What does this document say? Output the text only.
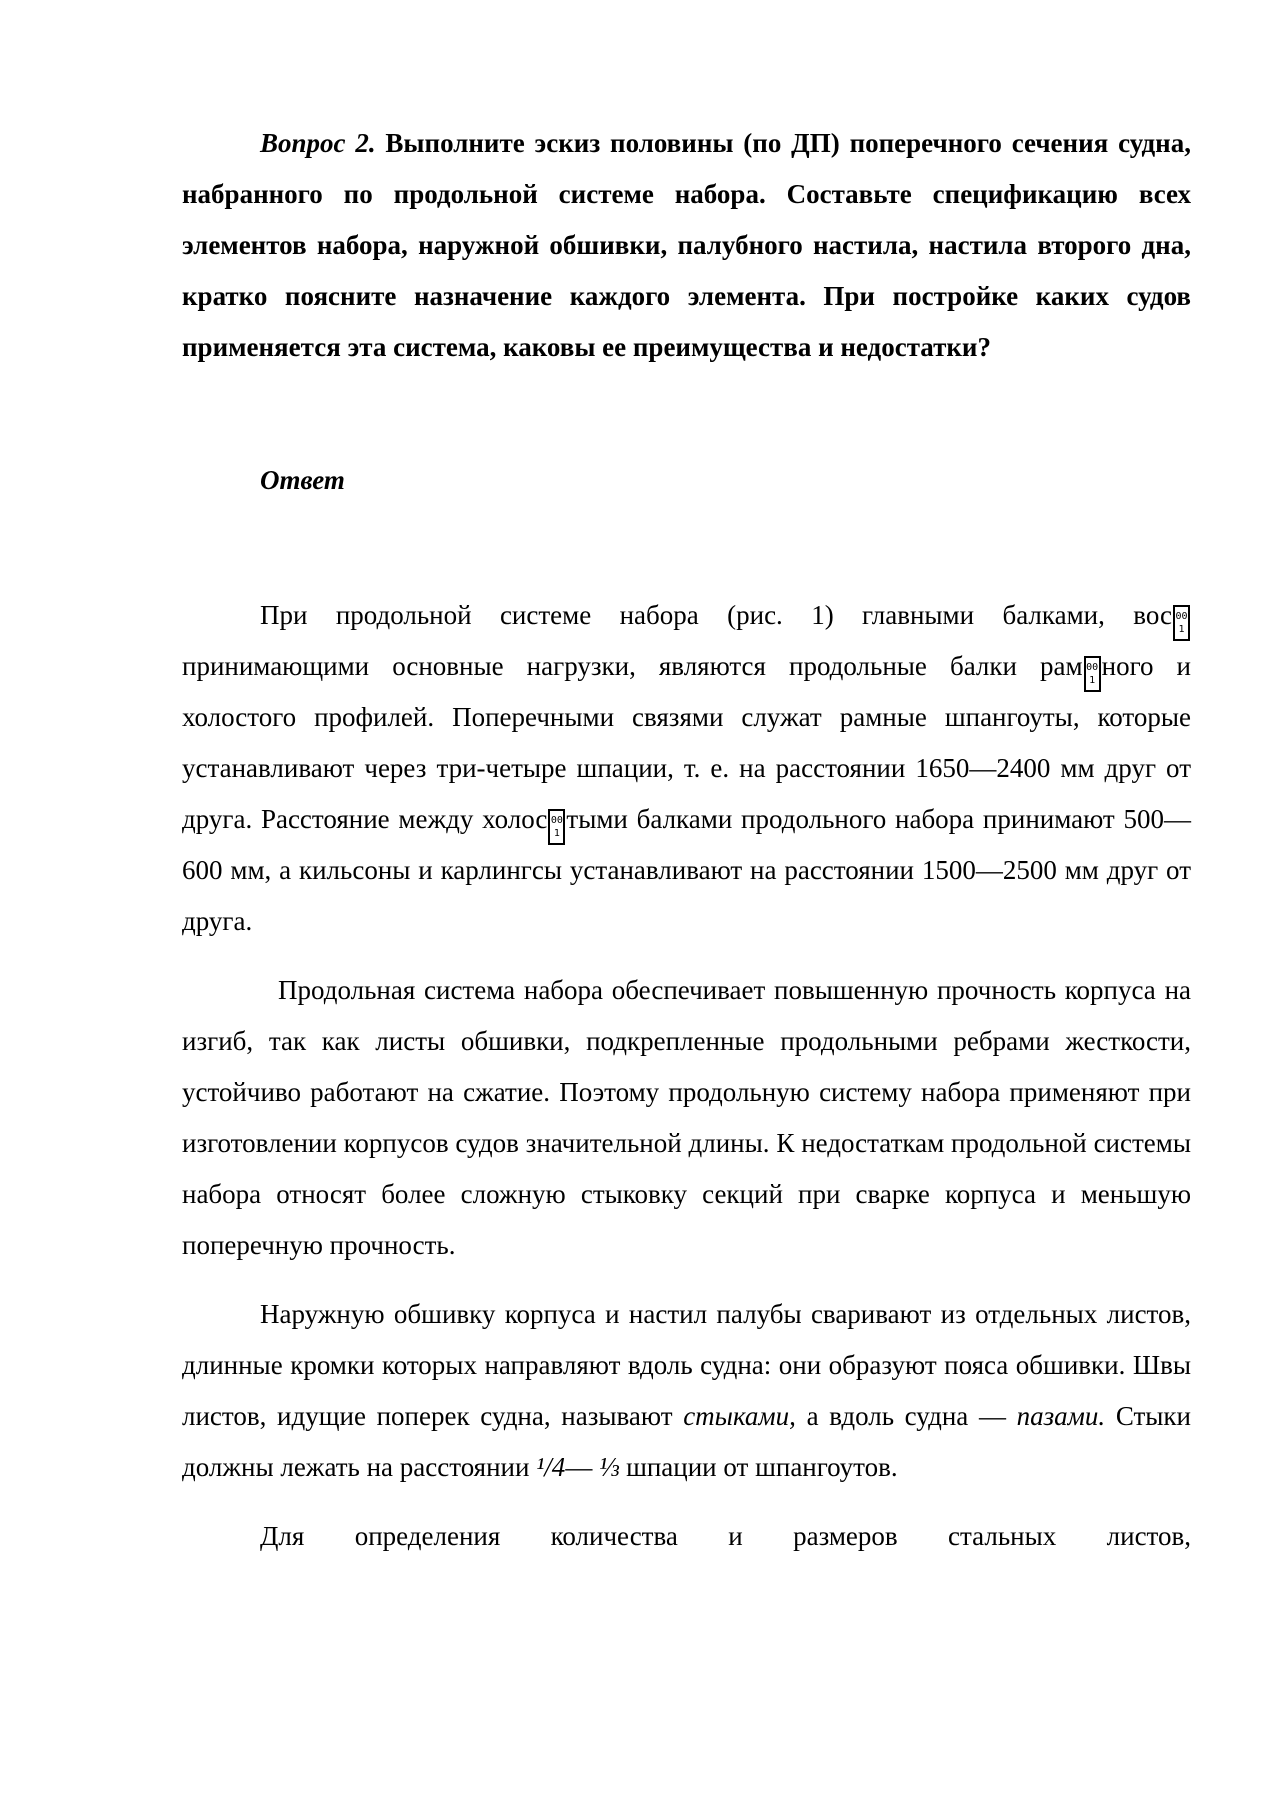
Вопрос 2. Выполните эскиз половины (по ДП) поперечного сечения судна, набранного по продольной системе набора. Составьте спецификацию всех элементов набора, наружной обшивки, палубного настила, настила второго дна, кратко поясните назначение каждого элемента. При постройке каких судов применяется эта система, каковы ее преимущества и недостатки?

Ответ

При продольной системе набора (рис. 1) главными балками, вос 00
1принимающими основные нагрузки, являются продольные балки рам 00
1 ного и холостого профилей. Поперечными связями служат рамные шпангоуты, которые устанавливают через три-четыре шпации, т. е. на расстоянии 1650—2400 мм друг от друга. Расстояние между холос 00
1 тыми балками продольного набора принимают 500—600 мм, а кильсоны и карлингсы устанавливают на расстоянии 1500—2500 мм друг от друга.

Продольная система набора обеспечивает повышенную прочность корпуса на изгиб, так как листы обшивки, подкрепленные продольными ребрами жесткости, устойчиво работают на сжатие. Поэтому продольную систему набора применяют при изготовлении корпусов судов значительной длины. К недостаткам продольной системы набора относят более сложную стыковку секций при сварке корпуса и меньшую поперечную прочность.

Наружную обшивку корпуса и настил палубы сваривают из отдельных листов, длинные кромки которых направляют вдоль судна: они образуют пояса обшивки. Швы листов, идущие поперек судна, называют стыками, а вдоль судна — пазами. Стыки должны лежать на расстоянии ¹/4— ⅓ шпации от шпангоутов.

Для определения количества и размеров стальных листов,
